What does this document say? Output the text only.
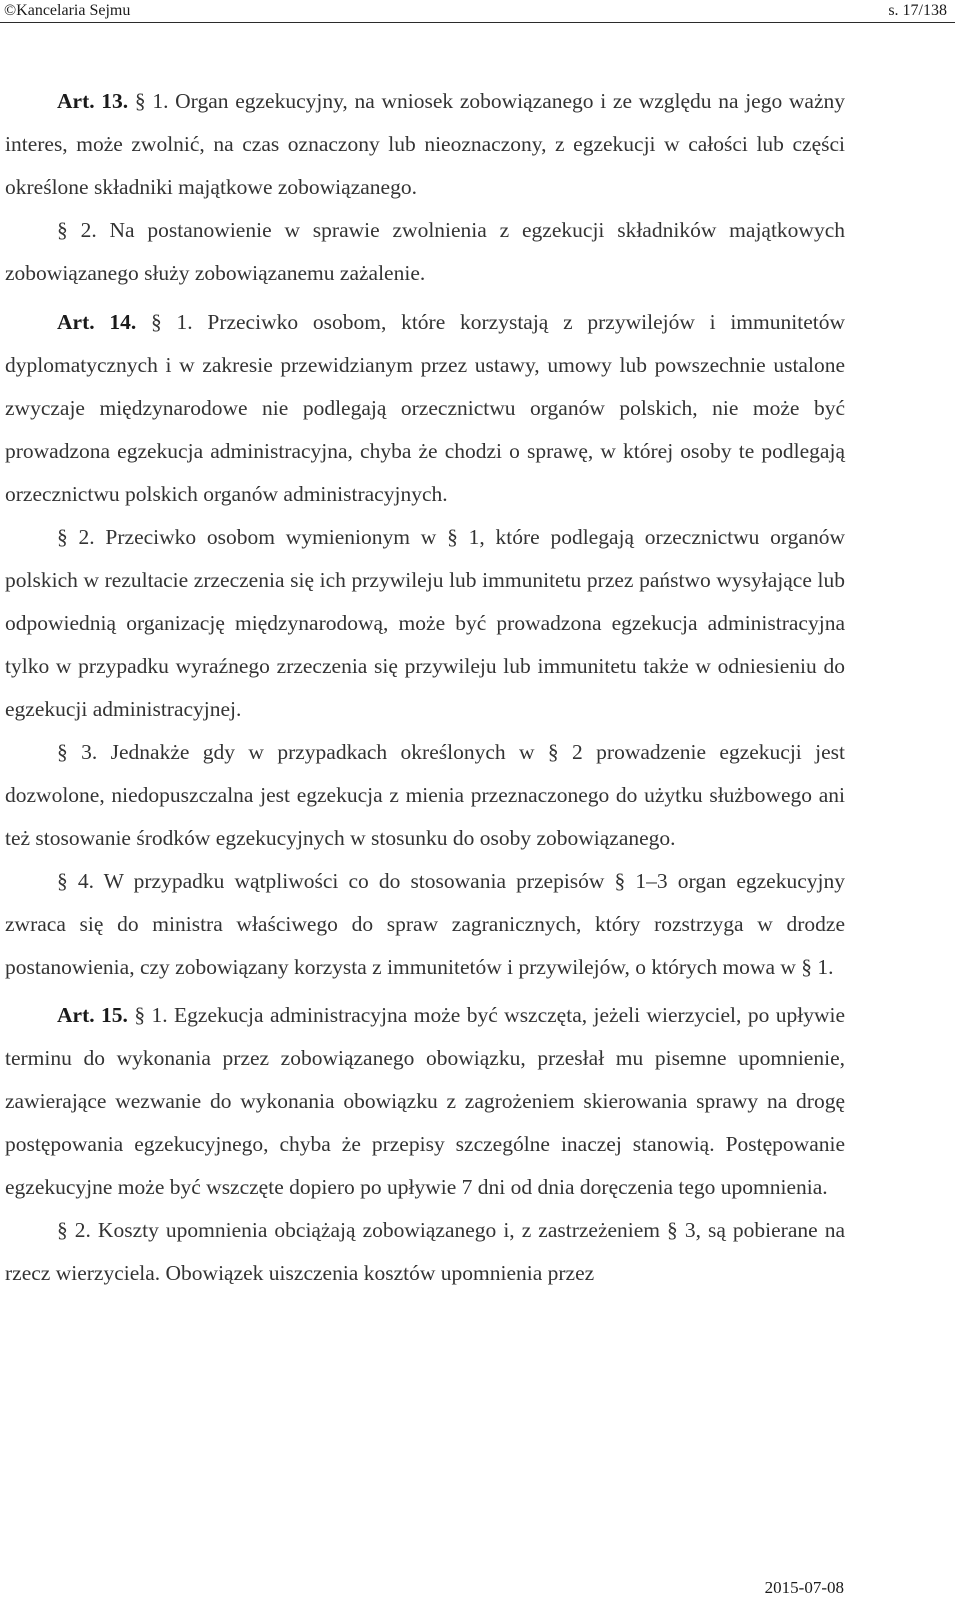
©Kancelaria Sejmu	s. 17/138

Art. 13. § 1. Organ egzekucyjny, na wniosek zobowiązanego i ze względu na jego ważny interes, może zwolnić, na czas oznaczony lub nieoznaczony, z egzekucji w całości lub części określone składniki majątkowe zobowiązanego.

§ 2. Na postanowienie w sprawie zwolnienia z egzekucji składników majątkowych zobowiązanego służy zobowiązanemu zażalenie.

Art. 14. § 1. Przeciwko osobom, które korzystają z przywilejów i immunitetów dyplomatycznych i w zakresie przewidzianym przez ustawy, umowy lub powszechnie ustalone zwyczaje międzynarodowe nie podlegają orzecznictwu organów polskich, nie może być prowadzona egzekucja administracyjna, chyba że chodzi o sprawę, w której osoby te podlegają orzecznictwu polskich organów administracyjnych.

§ 2. Przeciwko osobom wymienionym w § 1, które podlegają orzecznictwu organów polskich w rezultacie zrzeczenia się ich przywileju lub immunitetu przez państwo wysyłające lub odpowiednią organizację międzynarodową, może być prowadzona egzekucja administracyjna tylko w przypadku wyraźnego zrzeczenia się przywileju lub immunitetu także w odniesieniu do egzekucji administracyjnej.

§ 3. Jednakże gdy w przypadkach określonych w § 2 prowadzenie egzekucji jest dozwolone, niedopuszczalna jest egzekucja z mienia przeznaczonego do użytku służbowego ani też stosowanie środków egzekucyjnych w stosunku do osoby zobowiązanego.

§ 4. W przypadku wątpliwości co do stosowania przepisów § 1–3 organ egzekucyjny zwraca się do ministra właściwego do spraw zagranicznych, który rozstrzyga w drodze postanowienia, czy zobowiązany korzysta z immunitetów i przywilejów, o których mowa w § 1.

Art. 15. § 1. Egzekucja administracyjna może być wszczęta, jeżeli wierzyciel, po upływie terminu do wykonania przez zobowiązanego obowiązku, przesłał mu pisemne upomnienie, zawierające wezwanie do wykonania obowiązku z zagrożeniem skierowania sprawy na drogę postępowania egzekucyjnego, chyba że przepisy szczególne inaczej stanowią. Postępowanie egzekucyjne może być wszczęte dopiero po upływie 7 dni od dnia doręczenia tego upomnienia.

§ 2. Koszty upomnienia obciążają zobowiązanego i, z zastrzeżeniem § 3, są pobierane na rzecz wierzyciela. Obowiązek uiszczenia kosztów upomnienia przez

2015-07-08
